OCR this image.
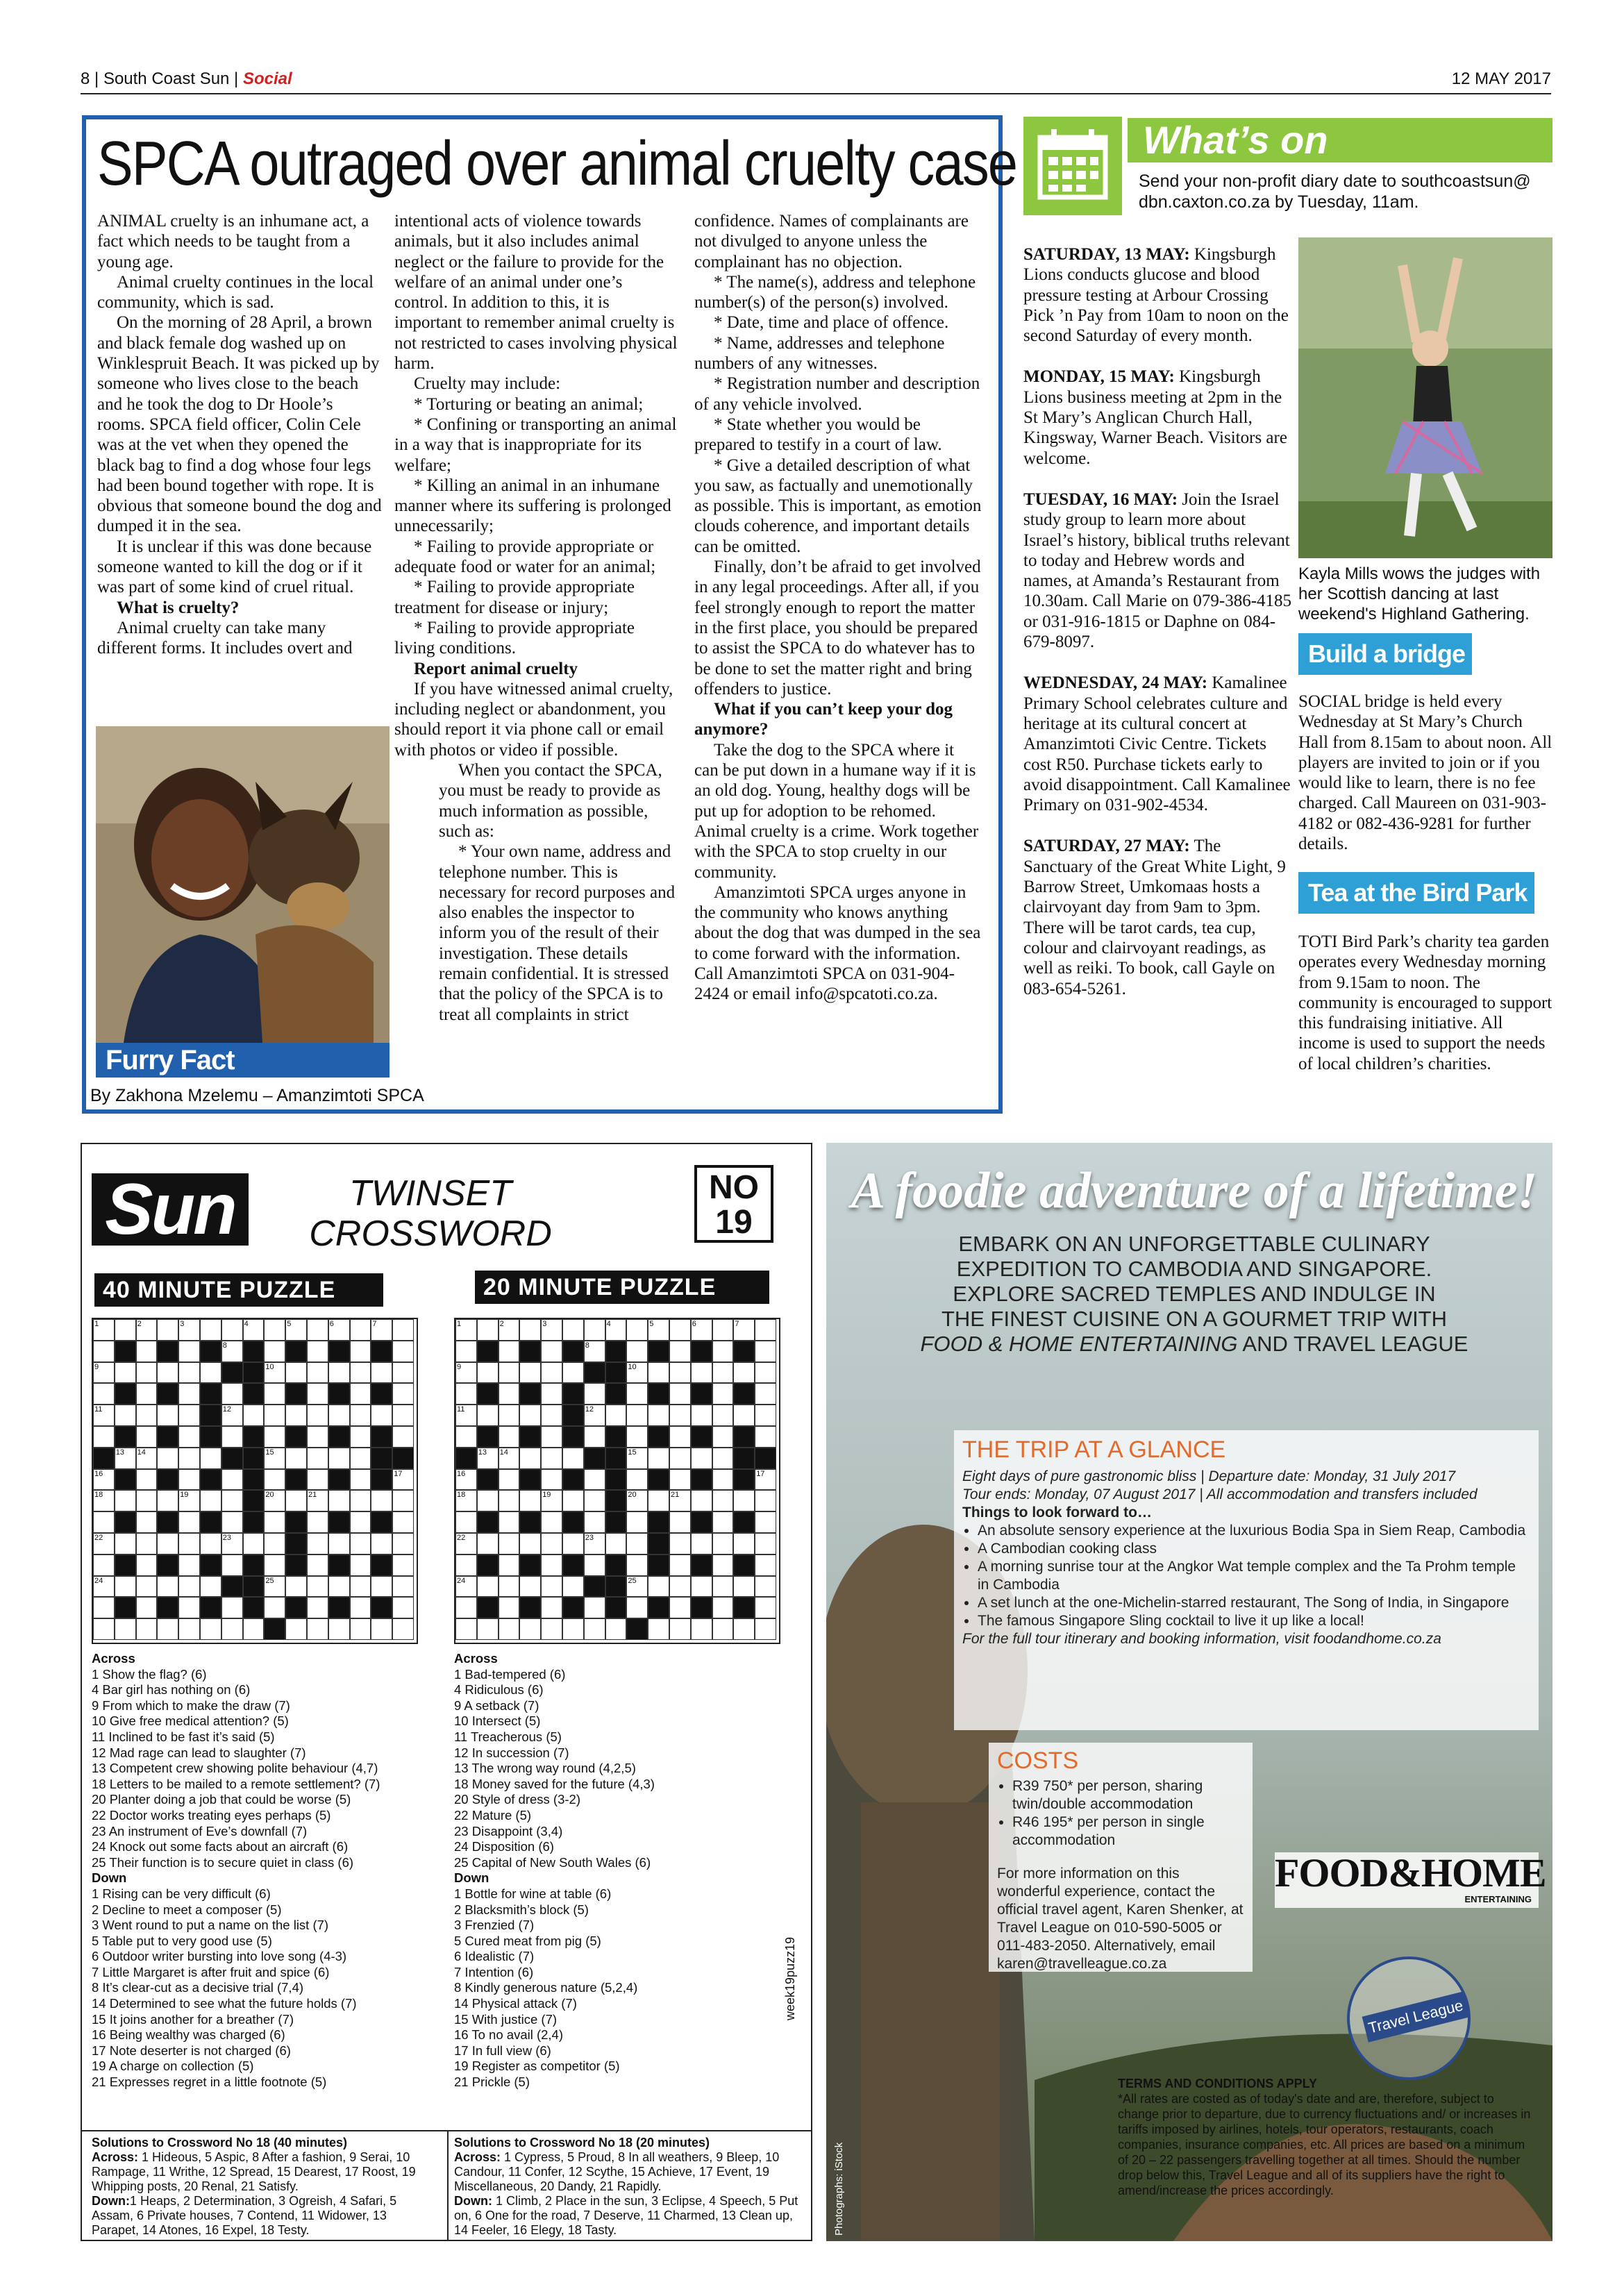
8 | South Coast Sun | Social	12 MAY 2017
SPCA outraged over animal cruelty case

ANIMAL cruelty is an inhumane act, a fact which needs to be taught from a young age.

Animal cruelty continues in the local community, which is sad.

On the morning of 28 April, a brown and black female dog washed up on Winklespruit Beach. It was picked up by someone who lives close to the beach and he took the dog to Dr Hoole’s rooms. SPCA field officer, Colin Cele was at the vet when they opened the black bag to find a dog whose four legs had been bound together with rope. It is obvious that someone bound the dog and dumped it in the sea.

It is unclear if this was done because someone wanted to kill the dog or if it was part of some kind of cruel ritual.

What is cruelty?

Animal cruelty can take many different forms. It includes overt and

Furry Fact
By Zakhona Mzelemu – Amanzimtoti SPCA

intentional acts of violence towards animals, but it also includes animal neglect or the failure to provide for the welfare of an animal under one’s control. In addition to this, it is important to remember animal cruelty is not restricted to cases involving physical harm.

Cruelty may include:

* Torturing or beating an animal;

* Confining or transporting an animal in a way that is inappropriate for its welfare;

* Killing an animal in an inhumane manner where its suffering is prolonged unnecessarily;

* Failing to provide appropriate or adequate food or water for an animal;

* Failing to provide appropriate treatment for disease or injury;

* Failing to provide appropriate living conditions.

Report animal cruelty

If you have witnessed animal cruelty, including neglect or abandonment, you should report it via phone call or email with photos or video if possible.

When you contact the SPCA, you must be ready to provide as much information as possible, such as:

* Your own name, address and telephone number. This is necessary for record purposes and also enables the inspector to inform you of the result of their investigation. These details remain confidential. It is stressed that the policy of the SPCA is to treat all complaints in strict

confidence. Names of complainants are not divulged to anyone unless the complainant has no objection.

* The name(s), address and telephone number(s) of the person(s) involved.

* Date, time and place of offence.

* Name, addresses and telephone numbers of any witnesses.

* Registration number and description of any vehicle involved.

* State whether you would be prepared to testify in a court of law.

* Give a detailed description of what you saw, as factually and unemotionally as possible. This is important, as emotion clouds coherence, and important details can be omitted.

Finally, don’t be afraid to get involved in any legal proceedings. After all, if you feel strongly enough to report the matter in the first place, you should be prepared to assist the SPCA to do whatever has to be done to set the matter right and bring offenders to justice.

What if you can’t keep your dog anymore?

Take the dog to the SPCA where it can be put down in a humane way if it is an old dog. Young, healthy dogs will be put up for adoption to be rehomed. Animal cruelty is a crime. Work together with the SPCA to stop cruelty in our community.

Amanzimtoti SPCA urges anyone in the community who knows anything about the dog that was dumped in the sea to come forward with the information. Call Amanzimtoti SPCA on 031-904-2424 or email info@spcatoti.co.za.

What’s on
Send your non-profit diary date to southcoastsun@ dbn.caxton.co.za by Tuesday, 11am.

SATURDAY, 13 MAY: Kingsburgh Lions conducts glucose and blood pressure testing at Arbour Crossing Pick ’n Pay from 10am to noon on the second Saturday of every month.

MONDAY, 15 MAY: Kingsburgh Lions business meeting at 2pm in the St Mary’s Anglican Church Hall, Kingsway, Warner Beach. Visitors are welcome.

TUESDAY, 16 MAY: Join the Israel study group to learn more about Israel’s history, biblical truths relevant to today and Hebrew words and names, at Amanda’s Restaurant from 10.30am. Call Marie on 079-386-4185 or 031-916-1815 or Daphne on 084-679-8097.

WEDNESDAY, 24 MAY: Kamalinee Primary School celebrates culture and heritage at its cultural concert at Amanzimtoti Civic Centre. Tickets cost R50. Purchase tickets early to avoid disappointment. Call Kamalinee Primary on 031-902-4534.

SATURDAY, 27 MAY: The Sanctuary of the Great White Light, 9 Barrow Street, Umkomaas hosts a clairvoyant day from 9am to 3pm. There will be tarot cards, tea cup, colour and clairvoyant readings, as well as reiki. To book, call Gayle on 083-654-5261.

Kayla Mills wows the judges with her Scottish dancing at last weekend's Highland Gathering.
Build a bridge
SOCIAL bridge is held every Wednesday at St Mary’s Church Hall from 8.15am to about noon. All players are invited to join or if you would like to learn, there is no fee charged. Call Maureen on 031-903-4182 or 082-436-9281 for further details.
Tea at the Bird Park
TOTI Bird Park’s charity tea garden operates every Wednesday morning from 9.15am to noon. The community is encouraged to support this fundraising initiative. All income is used to support the needs of local children’s charities.
Sun	TWINSET
CROSSWORD
NO
19
40 MINUTE PUZZLE	20 MINUTE PUZZLE
1	2	3	4	5	6	7
8
9	10
11	12
13 14	15
16	17
18	19	20	21
22	23
24	25
1	2	3	4	5	6	7
8
9	10
11	12
13 14	15
16	17
18	19	20	21
22	23
24	25
Across
1 Show the flag? (6)
4 Bar girl has nothing on (6)
9 From which to make the draw (7)
10 Give free medical attention? (5)
11 Inclined to be fast it’s said (5)
12 Mad rage can lead to slaughter (7)
13 Competent crew showing polite behaviour (4,7)
18 Letters to be mailed to a remote settlement? (7)
20 Planter doing a job that could be worse (5)
22 Doctor works treating eyes perhaps (5)
23 An instrument of Eve’s downfall (7)
24 Knock out some facts about an aircraft (6)
25 Their function is to secure quiet in class (6)
Down
1 Rising can be very difficult (6)
2 Decline to meet a composer (5)
3 Went round to put a name on the list (7)
5 Table put to very good use (5)
6 Outdoor writer bursting into love song (4-3)
7 Little Margaret is after fruit and spice (6)
8 It’s clear-cut as a decisive trial (7,4)
14 Determined to see what the future holds (7)
15 It joins another for a breather (7)
16 Being wealthy was charged (6)
17 Note deserter is not charged (6)
19 A charge on collection (5)
21 Expresses regret in a little footnote (5)
Across
1 Bad-tempered (6)
4 Ridiculous (6)
9 A setback (7)
10 Intersect (5)
11 Treacherous (5)
12 In succession (7)
13 The wrong way round (4,2,5)
18 Money saved for the future (4,3)
20 Style of dress (3-2)
22 Mature (5)
23 Disappoint (3,4)
24 Disposition (6)
25 Capital of New South Wales (6)
Down
1 Bottle for wine at table (6)
2 Blacksmith’s block (5)
3 Frenzied (7)
5 Cured meat from pig (5)
6 Idealistic (7)
7 Intention (6)
8 Kindly generous nature (5,2,4)
14 Physical attack (7)
15 With justice (7)
16 To no avail (2,4)
17 In full view (6)
19 Register as competitor (5)
21 Prickle (5)
week19puzz19
Solutions to Crossword No 18 (40 minutes)
Across: 1 Hideous, 5 Aspic, 8 After a fashion, 9 Serai, 10 Rampage, 11 Writhe, 12 Spread, 15 Dearest, 17 Roost, 19 Whipping posts, 20 Renal, 21 Satisfy.
Down:1 Heaps, 2 Determination, 3 Ogreish, 4 Safari, 5 Assam, 6 Private houses, 7 Contend, 11 Widower, 13 Parapet, 14 Atones, 16 Expel, 18 Testy.
Solutions to Crossword No 18 (20 minutes)
Across: 1 Cypress, 5 Proud, 8 In all weathers, 9 Bleep, 10 Candour, 11 Confer, 12 Scythe, 15 Achieve, 17 Event, 19 Miscellaneous, 20 Dandy, 21 Rapidly.
Down: 1 Climb, 2 Place in the sun, 3 Eclipse, 4 Speech, 5 Put on, 6 One for the road, 7 Deserve, 11 Charmed, 13 Clean up, 14 Feeler, 16 Elegy, 18 Tasty.
A foodie adventure of a lifetime!
EMBARK ON AN UNFORGETTABLE CULINARY
EXPEDITION TO CAMBODIA AND SINGAPORE.
EXPLORE SACRED TEMPLES AND INDULGE IN
THE FINEST CUISINE ON A GOURMET TRIP WITH
FOOD & HOME ENTERTAINING AND TRAVEL LEAGUE
THE TRIP AT A GLANCE
Eight days of pure gastronomic bliss | Departure date: Monday, 31 July 2017
Tour ends: Monday, 07 August 2017 | All accommodation and transfers included
Things to look forward to…
• An absolute sensory experience at the luxurious Bodia Spa in Siem Reap, Cambodia
• A Cambodian cooking class
• A morning sunrise tour at the Angkor Wat temple complex and the Ta Prohm temple in Cambodia
• A set lunch at the one-Michelin-starred restaurant, The Song of India, in Singapore
• The famous Singapore Sling cocktail to live it up like a local!
For the full tour itinerary and booking information, visit foodandhome.co.za
COSTS
• R39 750* per person, sharing twin/double accommodation
• R46 195* per person in single accommodation
For more information on this wonderful experience, contact the official travel agent, Karen Shenker, at Travel League on 010-590-5005 or 011-483-2050. Alternatively, email karen@travelleague.co.za
FOOD&HOME
ENTERTAINING
Travel League
TERMS AND CONDITIONS APPLY
*All rates are costed as of today's date and are, therefore, subject to change prior to departure, due to currency fluctuations and/ or increases in tariffs imposed by airlines, hotels, tour operators, restaurants, coach companies, insurance companies, etc. All prices are based on a minimum of 20 – 22 passengers travelling together at all times. Should the number drop below this, Travel League and all of its suppliers have the right to amend/increase the prices accordingly.
Photographs: iStock
